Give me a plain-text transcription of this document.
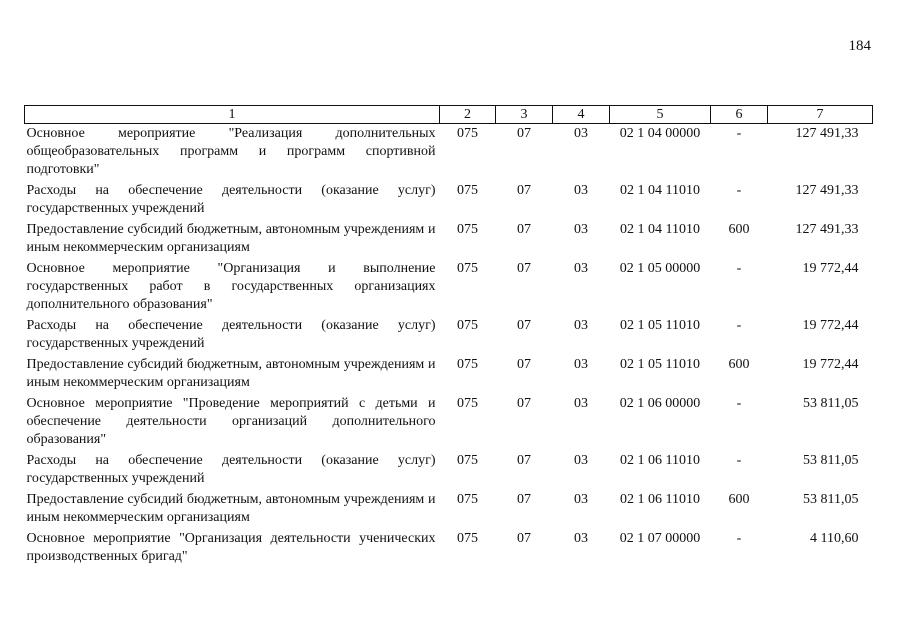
184
1	2	3	4	5	6	7
Основное мероприятие "Реализация дополнительных общеобразовательных программ и программ спортивной подготовки"	075	07	03	02 1 04 00000	-	127 491,33
Расходы на обеспечение деятельности (оказание услуг) государственных учреждений	075	07	03	02 1 04 11010	-	127 491,33
Предоставление субсидий бюджетным, автономным учреждениям и иным некоммерческим организациям	075	07	03	02 1 04 11010	600	127 491,33
Основное мероприятие "Организация и выполнение государственных работ в государственных организациях дополнительного образования"	075	07	03	02 1 05 00000	-	19 772,44
Расходы на обеспечение деятельности (оказание услуг) государственных учреждений	075	07	03	02 1 05 11010	-	19 772,44
Предоставление субсидий бюджетным, автономным учреждениям и иным некоммерческим организациям	075	07	03	02 1 05 11010	600	19 772,44
Основное мероприятие "Проведение мероприятий с детьми и обеспечение деятельности организаций дополнительного образования"	075	07	03	02 1 06 00000	-	53 811,05
Расходы на обеспечение деятельности (оказание услуг) государственных учреждений	075	07	03	02 1 06 11010	-	53 811,05
Предоставление субсидий бюджетным, автономным учреждениям и иным некоммерческим организациям	075	07	03	02 1 06 11010	600	53 811,05
Основное мероприятие "Организация деятельности ученических производственных бригад"	075	07	03	02 1 07 00000	-	4 110,60
